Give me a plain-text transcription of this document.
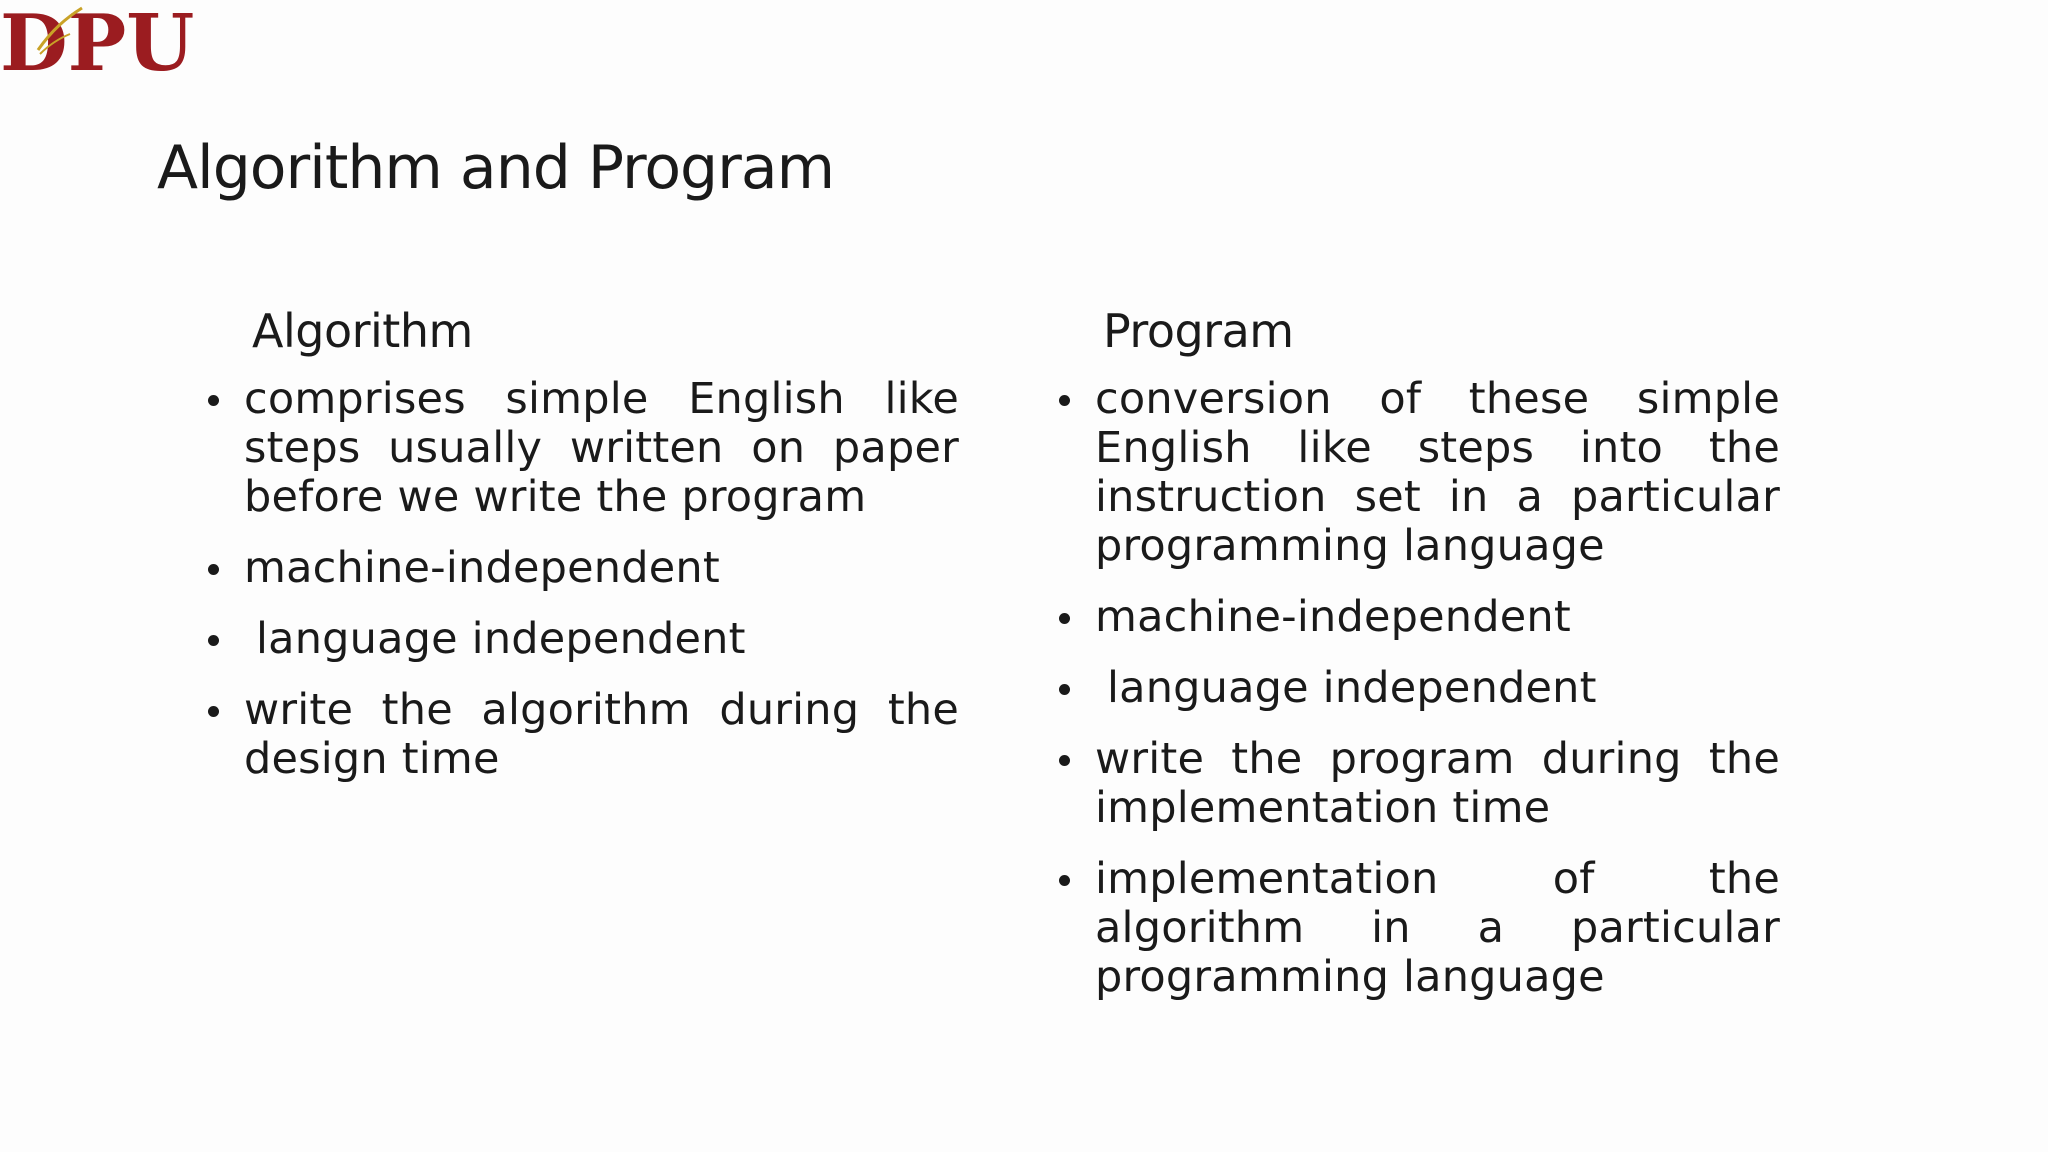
DPU
Algorithm and Program
Algorithm
comprises simple English like steps usually written on paper before we write the program
machine-independent
language independent
write the algorithm during the design time
Program
conversion of these simple English like steps into the instruction set in a particular programming language
machine-independent
language independent
write the program during the implementation time
implementation of the algorithm in a particular programming language
